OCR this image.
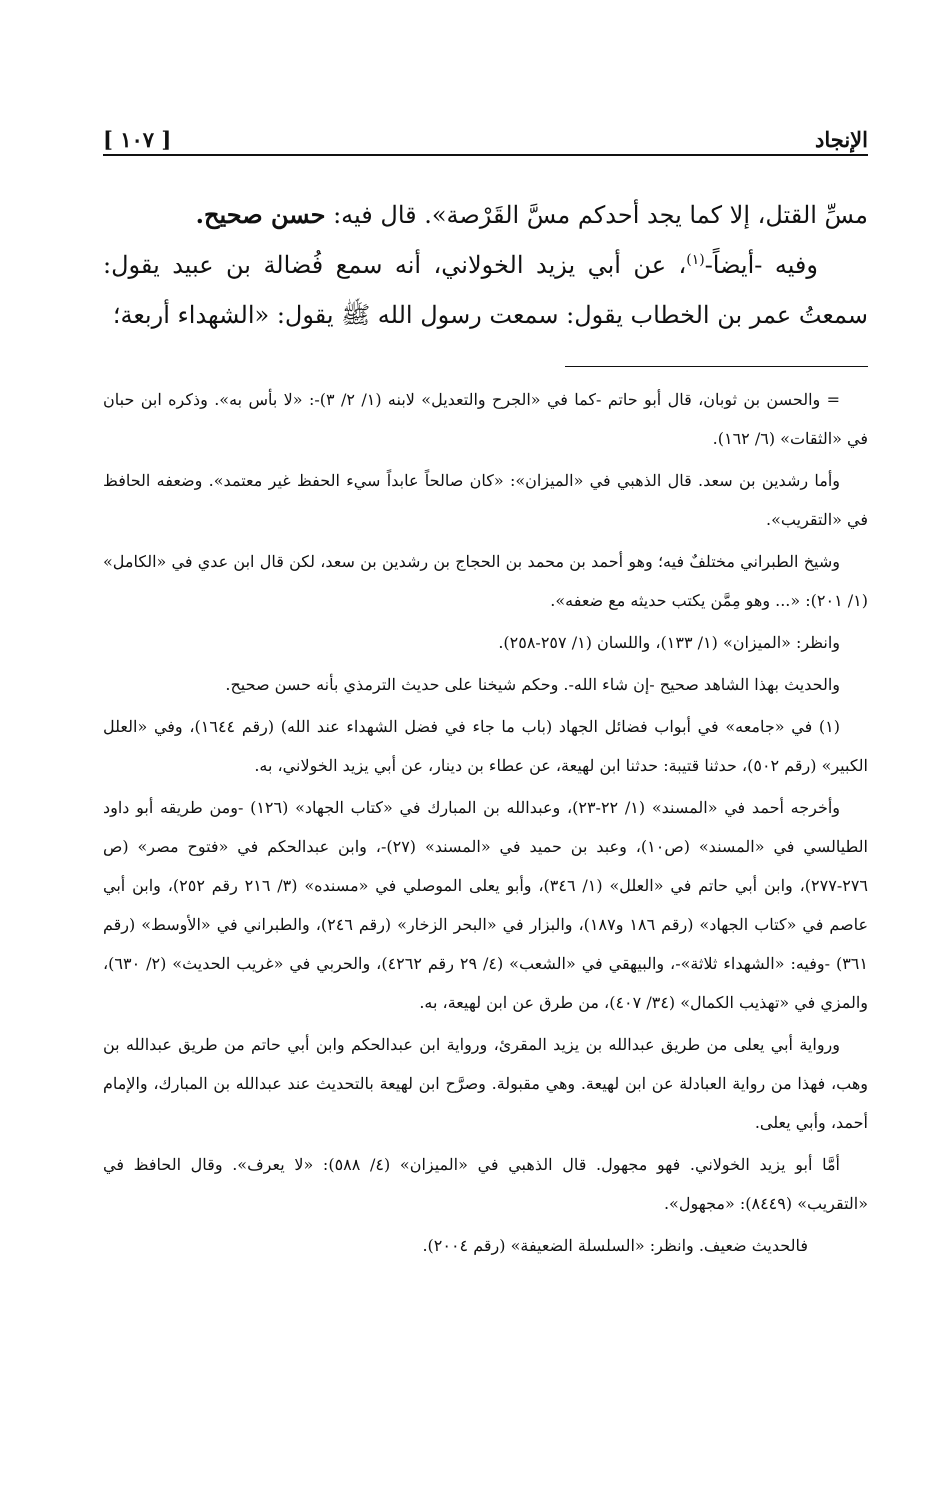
الإنجاد
[ ١٠٧ ]

مسِّ القتل، إلا كما يجد أحدكم مسَّ القَرْصة». قال فيه: حسن صحيح.

وفيه -أيضاً-$^{(١)}$، عن أبي يزيد الخولاني، أنه سمع فُضالة بن عبيد يقول: سمعتُ عمر بن الخطاب يقول: سمعت رسول الله ﷺ يقول: «الشهداء أربعة؛

= والحسن بن ثوبان، قال أبو حاتم -كما في «الجرح والتعديل» لابنه (١/ ٢/ ٣)-: «لا بأس به». وذكره ابن حبان في «الثقات» (٦/ ١٦٢).

وأما رشدين بن سعد. قال الذهبي في «الميزان»: «كان صالحاً عابداً سيء الحفظ غير معتمد». وضعفه الحافظ في «التقريب».

وشيخ الطبراني مختلفٌ فيه؛ وهو أحمد بن محمد بن الحجاج بن رشدين بن سعد، لكن قال ابن عدي في «الكامل» (١/ ٢٠١): «... وهو مِمَّن يكتب حديثه مع ضعفه».

وانظر: «الميزان» (١/ ١٣٣)، واللسان (١/ ٢٥٧-٢٥٨).

والحديث بهذا الشاهد صحيح -إن شاء الله-. وحكم شيخنا على حديث الترمذي بأنه حسن صحيح.

(١) في «جامعه» في أبواب فضائل الجهاد (باب ما جاء في فضل الشهداء عند الله) (رقم ١٦٤٤)، وفي «العلل الكبير» (رقم ٥٠٢)، حدثنا قتيبة: حدثنا ابن لهيعة، عن عطاء بن دينار، عن أبي يزيد الخولاني، به.

وأخرجه أحمد في «المسند» (١/ ٢٢-٢٣)، وعبدالله بن المبارك في «كتاب الجهاد» (١٢٦) -ومن طريقه أبو داود الطيالسي في «المسند» (ص١٠)، وعبد بن حميد في «المسند» (٢٧)-، وابن عبدالحكم في «فتوح مصر» (ص ٢٧٦-٢٧٧)، وابن أبي حاتم في «العلل» (١/ ٣٤٦)، وأبو يعلى الموصلي في «مسنده» (٣/ ٢١٦ رقم ٢٥٢)، وابن أبي عاصم في «كتاب الجهاد» (رقم ١٨٦ و١٨٧)، والبزار في «البحر الزخار» (رقم ٢٤٦)، والطبراني في «الأوسط» (رقم ٣٦١) -وفيه: «الشهداء ثلاثة»-، والبيهقي في «الشعب» (٤/ ٢٩ رقم ٤٢٦٢)، والحربي في «غريب الحديث» (٢/ ٦٣٠)، والمزي في «تهذيب الكمال» (٣٤/ ٤٠٧)، من طرق عن ابن لهيعة، به.

ورواية أبي يعلى من طريق عبدالله بن يزيد المقرئ، ورواية ابن عبدالحكم وابن أبي حاتم من طريق عبدالله بن وهب، فهذا من رواية العبادلة عن ابن لهيعة. وهي مقبولة. وصرَّح ابن لهيعة بالتحديث عند عبدالله بن المبارك، والإمام أحمد، وأبي يعلى.

أمَّا أبو يزيد الخولاني. فهو مجهول. قال الذهبي في «الميزان» (٤/ ٥٨٨): «لا يعرف». وقال الحافظ في «التقريب» (٨٤٤٩): «مجهول».

فالحديث ضعيف. وانظر: «السلسلة الضعيفة» (رقم ٢٠٠٤).
